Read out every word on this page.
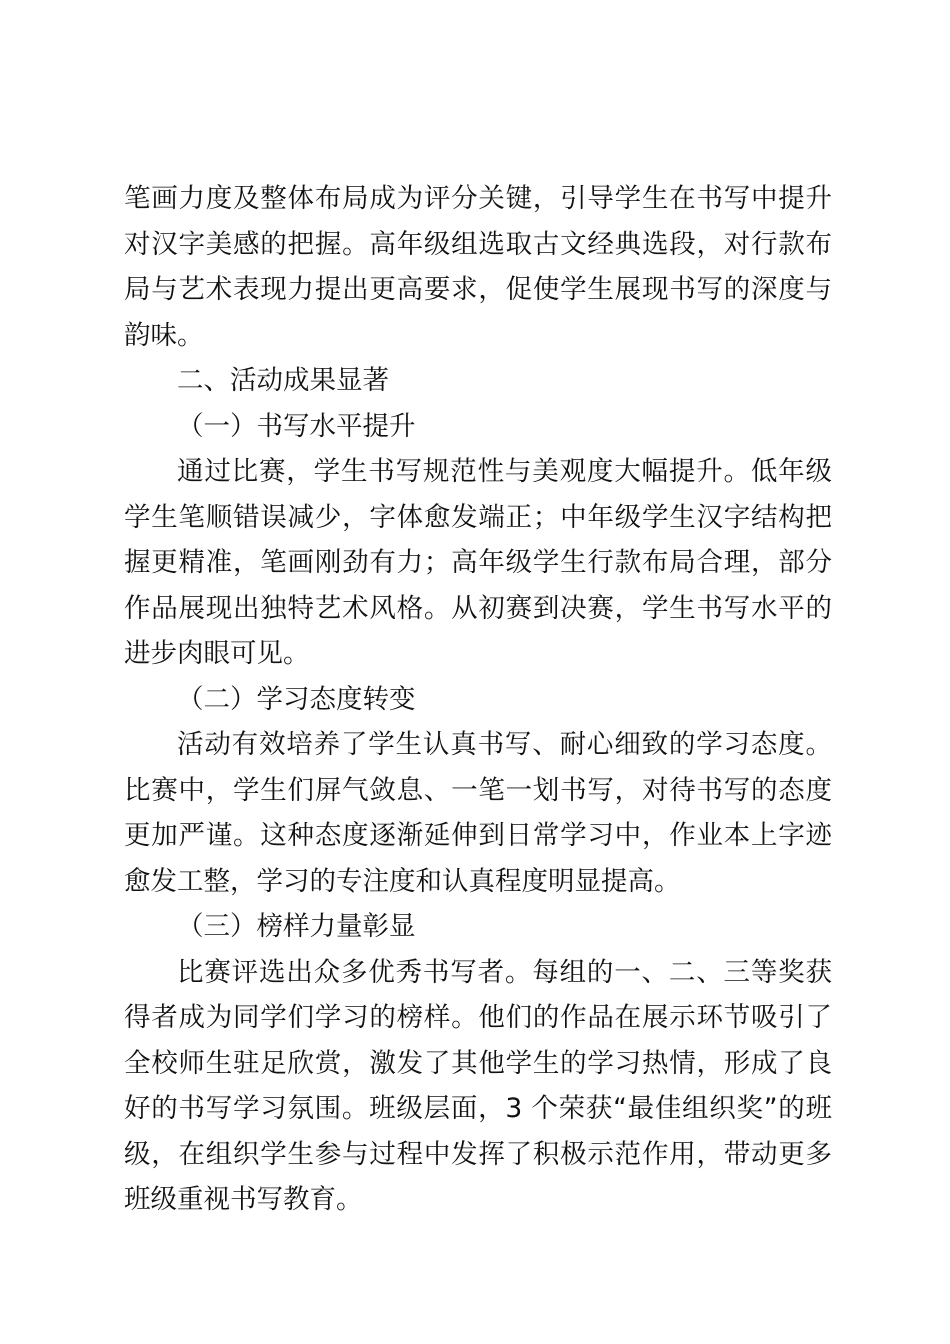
笔画力度及整体布局成为评分关键，引导学生在书写中提升对汉字美感的把握。高年级组选取古文经典选段，对行款布局与艺术表现力提出更高要求，促使学生展现书写的深度与韵味。

二、活动成果显著

（一）书写水平提升

通过比赛，学生书写规范性与美观度大幅提升。低年级学生笔顺错误减少，字体愈发端正；中年级学生汉字结构把握更精准，笔画刚劲有力；高年级学生行款布局合理，部分作品展现出独特艺术风格。从初赛到决赛，学生书写水平的进步肉眼可见。

（二）学习态度转变

活动有效培养了学生认真书写、耐心细致的学习态度。比赛中，学生们屏气敛息、一笔一划书写，对待书写的态度更加严谨。这种态度逐渐延伸到日常学习中，作业本上字迹愈发工整，学习的专注度和认真程度明显提高。

（三）榜样力量彰显

比赛评选出众多优秀书写者。每组的一、二、三等奖获得者成为同学们学习的榜样。他们的作品在展示环节吸引了全校师生驻足欣赏，激发了其他学生的学习热情，形成了良好的书写学习氛围。班级层面，3 个荣获“最佳组织奖”的班级，在组织学生参与过程中发挥了积极示范作用，带动更多班级重视书写教育。
